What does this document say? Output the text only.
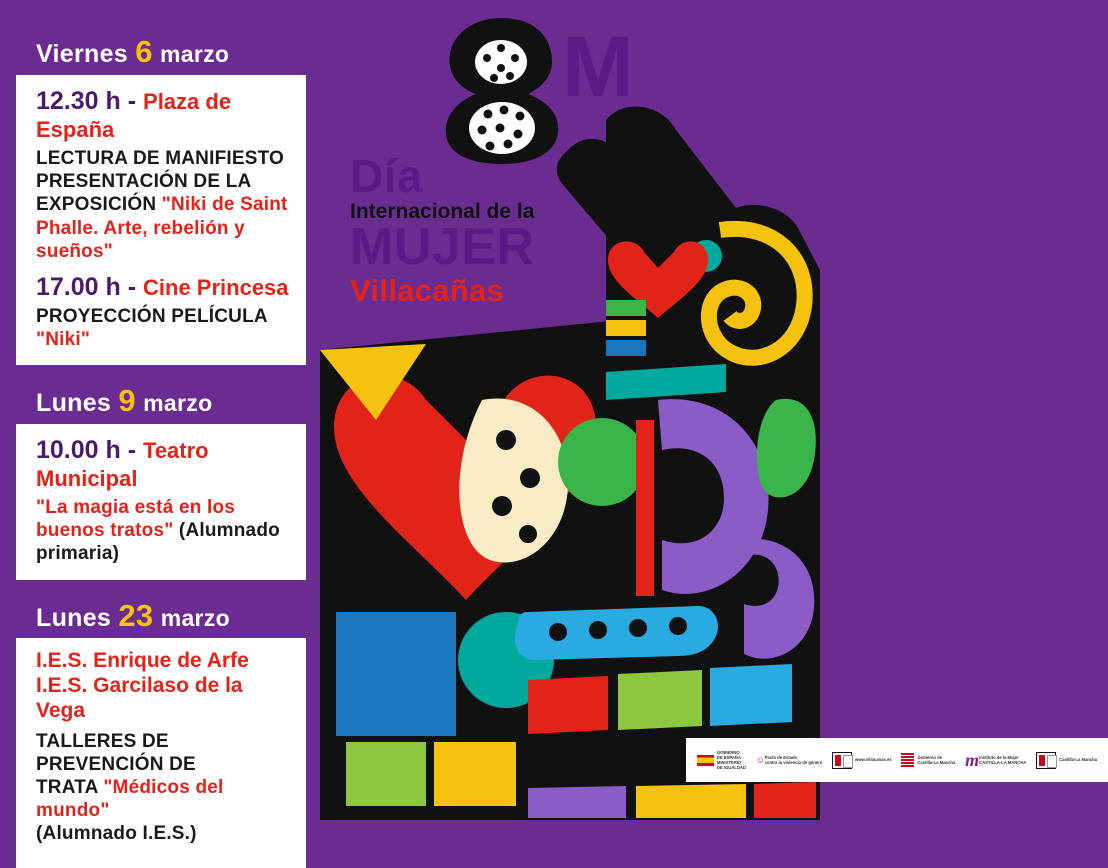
M
Día
Internacional de la
MUJER
Villacañas
GOBIERNO
DE ESPAÑA
MINISTERIO
DE IGUALDAD
☺ Pacto de Estado
contra la violencia de género
www.villacanas.es
Gobierno de
Castilla-La Mancha m Instituto de la Mujer
CASTILLA-LA MANCHA
Castilla-La Mancha
Viernes 6 marzo
12.30 h - Plaza de España
LECTURA DE MANIFIESTO
PRESENTACIÓN DE LA
EXPOSICIÓN "Niki de Saint Phalle. Arte, rebelión y sueños"
17.00 h - Cine Princesa
PROYECCIÓN PELÍCULA
"Niki"
Lunes 9 marzo
10.00 h - Teatro Municipal
"La magia está en los buenos tratos" (Alumnado primaria)
Lunes 23 marzo
I.E.S. Enrique de Arfe
I.E.S. Garcilaso de la Vega
TALLERES DE PREVENCIÓN DE
TRATA "Médicos del mundo"
(Alumnado I.E.S.)
